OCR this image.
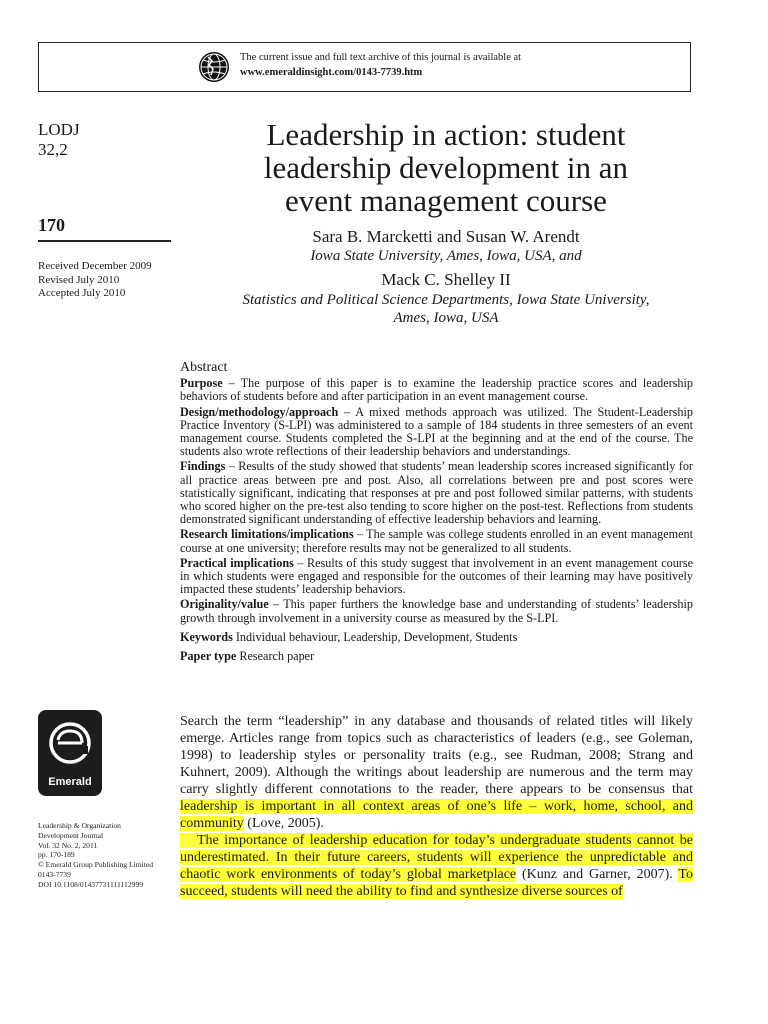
The current issue and full text archive of this journal is available at
www.emeraldinsight.com/0143-7739.htm
LODJ
32,2
170
Received December 2009
Revised July 2010
Accepted July 2010
Leadership in action: student
leadership development in an
event management course
Sara B. Marcketti and Susan W. Arendt
Iowa State University, Ames, Iowa, USA, and
Mack C. Shelley II
Statistics and Political Science Departments, Iowa State University,
Ames, Iowa, USA
Abstract

Purpose – The purpose of this paper is to examine the leadership practice scores and leadership behaviors of students before and after participation in an event management course.

Design/methodology/approach – A mixed methods approach was utilized. The Student-Leadership Practice Inventory (S-LPI) was administered to a sample of 184 students in three semesters of an event management course. Students completed the S-LPI at the beginning and at the end of the course. The students also wrote reflections of their leadership behaviors and understandings.

Findings – Results of the study showed that students’ mean leadership scores increased significantly for all practice areas between pre and post. Also, all correlations between pre and post scores were statistically significant, indicating that responses at pre and post followed similar patterns, with students who scored higher on the pre-test also tending to score higher on the post-test. Reflections from students demonstrated significant understanding of effective leadership behaviors and learning.

Research limitations/implications – The sample was college students enrolled in an event management course at one university; therefore results may not be generalized to all students.

Practical implications – Results of this study suggest that involvement in an event management course in which students were engaged and responsible for the outcomes of their learning may have positively impacted these students’ leadership behaviors.

Originality/value – This paper furthers the knowledge base and understanding of students’ leadership growth through involvement in a university course as measured by the S-LPI.

Keywords Individual behaviour, Leadership, Development, Students

Paper type Research paper

Emerald
Leadership & Organization
Development Journal
Vol. 32 No. 2, 2011
pp. 170-189
© Emerald Group Publishing Limited
0143-7739
DOI 10.1108/01437731111112999

Search the term “leadership” in any database and thousands of related titles will likely emerge. Articles range from topics such as characteristics of leaders (e.g., see Goleman, 1998) to leadership styles or personality traits (e.g., see Rudman, 2008; Strang and Kuhnert, 2009). Although the writings about leadership are numerous and the term may carry slightly different connotations to the reader, there appears to be consensus that leadership is important in all context areas of one’s life – work, home, school, and community (Love, 2005).

The importance of leadership education for today’s undergraduate students cannot be underestimated. In their future careers, students will experience the unpredictable and chaotic work environments of today’s global marketplace (Kunz and Garner, 2007). To succeed, students will need the ability to find and synthesize diverse sources of
